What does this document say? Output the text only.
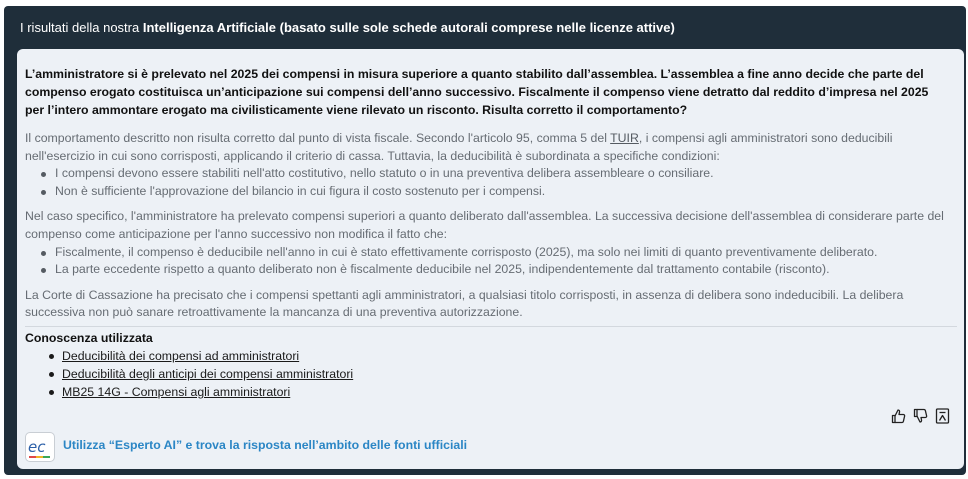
I risultati della nostra Intelligenza Artificiale (basato sulle sole schede autorali comprese nelle licenze attive)
L’amministratore si è prelevato nel 2025 dei compensi in misura superiore a quanto stabilito dall’assemblea. L’assemblea a fine anno decide che parte del compenso erogato costituisca un’anticipazione sui compensi dell’anno successivo. Fiscalmente il compenso viene detratto dal reddito d’impresa nel 2025 per l’intero ammontare erogato ma civilisticamente viene rilevato un risconto. Risulta corretto il comportamento?

Il comportamento descritto non risulta corretto dal punto di vista fiscale. Secondo l'articolo 95, comma 5 del TUIR, i compensi agli amministratori sono deducibili nell'esercizio in cui sono corrisposti, applicando il criterio di cassa. Tuttavia, la deducibilità è subordinata a specifiche condizioni:

I compensi devono essere stabiliti nell'atto costitutivo, nello statuto o in una preventiva delibera assembleare o consiliare.
Non è sufficiente l'approvazione del bilancio in cui figura il costo sostenuto per i compensi.

Nel caso specifico, l'amministratore ha prelevato compensi superiori a quanto deliberato dall'assemblea. La successiva decisione dell'assemblea di considerare parte del compenso come anticipazione per l'anno successivo non modifica il fatto che:

Fiscalmente, il compenso è deducibile nell'anno in cui è stato effettivamente corrisposto (2025), ma solo nei limiti di quanto preventivamente deliberato.
La parte eccedente rispetto a quanto deliberato non è fiscalmente deducibile nel 2025, indipendentemente dal trattamento contabile (risconto).

La Corte di Cassazione ha precisato che i compensi spettanti agli amministratori, a qualsiasi titolo corrisposti, in assenza di delibera sono indeducibili. La delibera successiva non può sanare retroattivamente la mancanza di una preventiva autorizzazione.

Conoscenza utilizzata
Deducibilità dei compensi ad amministratori
Deducibilità degli anticipi dei compensi amministratori
MB25 14G - Compensi agli amministratori
ec Utilizza “Esperto AI” e trova la risposta nell’ambito delle fonti ufficiali
